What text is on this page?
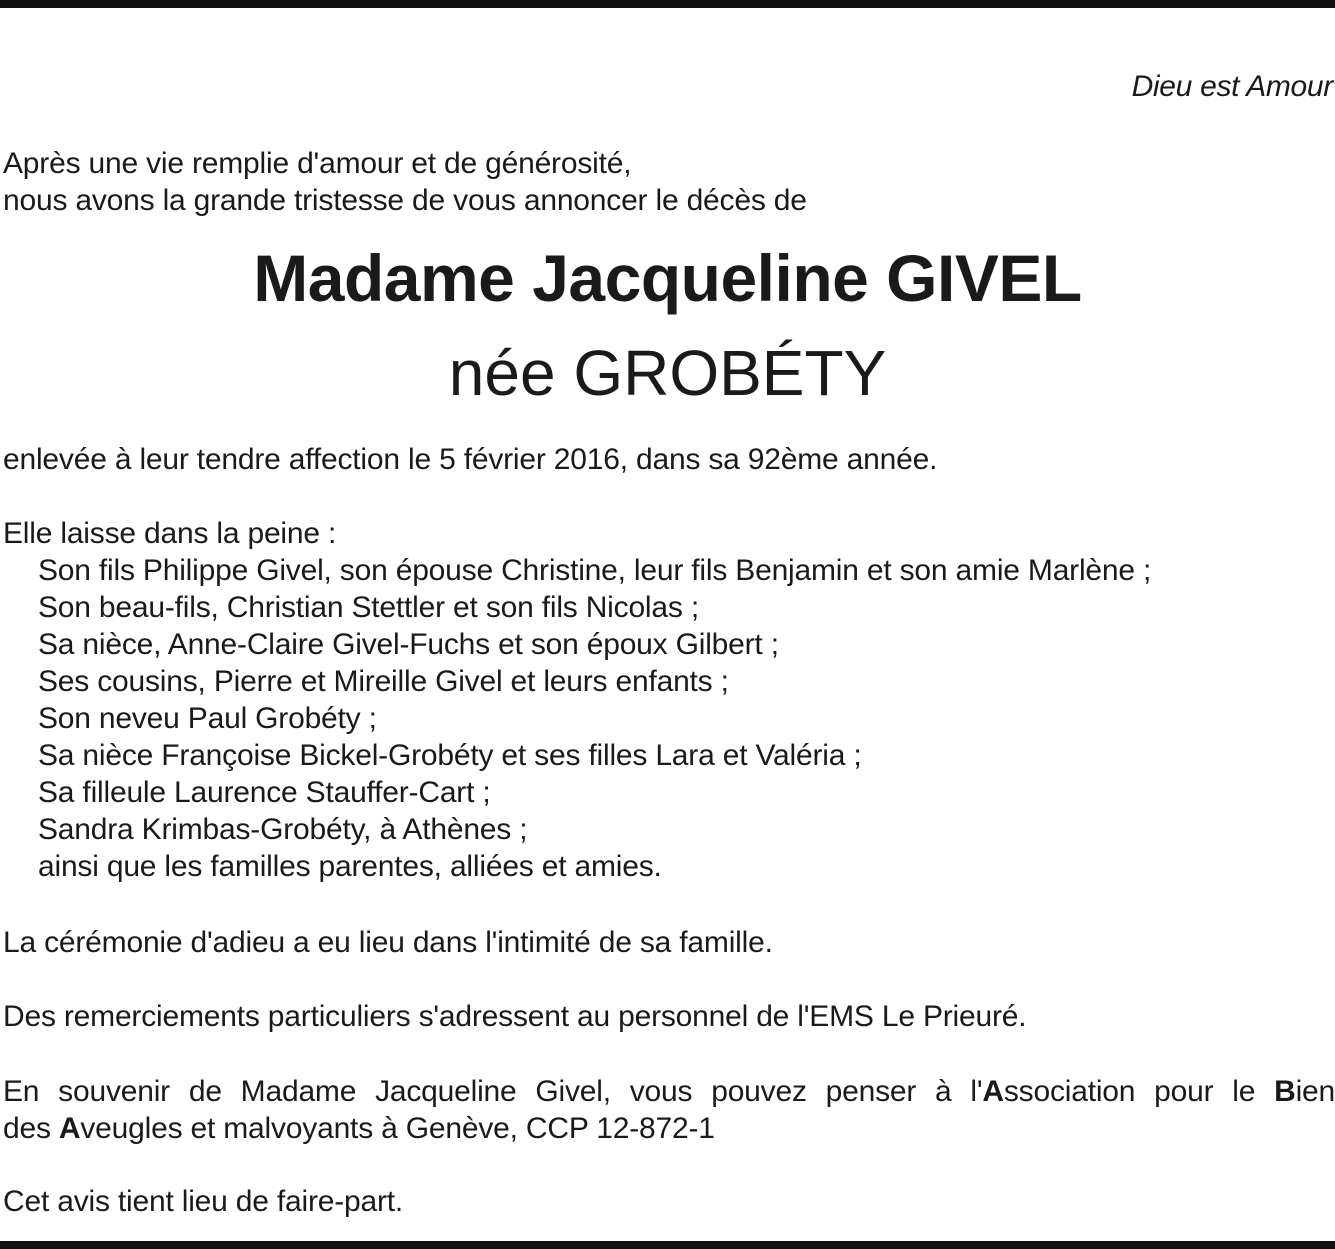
Dieu est Amour
Après une vie remplie d'amour et de générosité,
nous avons la grande tristesse de vous annoncer le décès de
Madame Jacqueline GIVEL
née GROBÉTY
enlevée à leur tendre affection le 5 février 2016, dans sa 92ème année.
Elle laisse dans la peine :
Son fils Philippe Givel, son épouse Christine, leur fils Benjamin et son amie Marlène ;
Son beau-fils, Christian Stettler et son fils Nicolas ;
Sa nièce, Anne-Claire Givel-Fuchs et son époux Gilbert ;
Ses cousins, Pierre et Mireille Givel et leurs enfants ;
Son neveu Paul Grobéty ;
Sa nièce Françoise Bickel-Grobéty et ses filles Lara et Valéria ;
Sa filleule Laurence Stauffer-Cart ;
Sandra Krimbas-Grobéty, à Athènes ;
ainsi que les familles parentes, alliées et amies.
La cérémonie d'adieu a eu lieu dans l'intimité de sa famille.
Des remerciements particuliers s'adressent au personnel de l'EMS Le Prieuré.
En souvenir de Madame Jacqueline Givel, vous pouvez penser à l'Association pour le Bien
des Aveugles et malvoyants à Genève, CCP 12-872-1
Cet avis tient lieu de faire-part.
